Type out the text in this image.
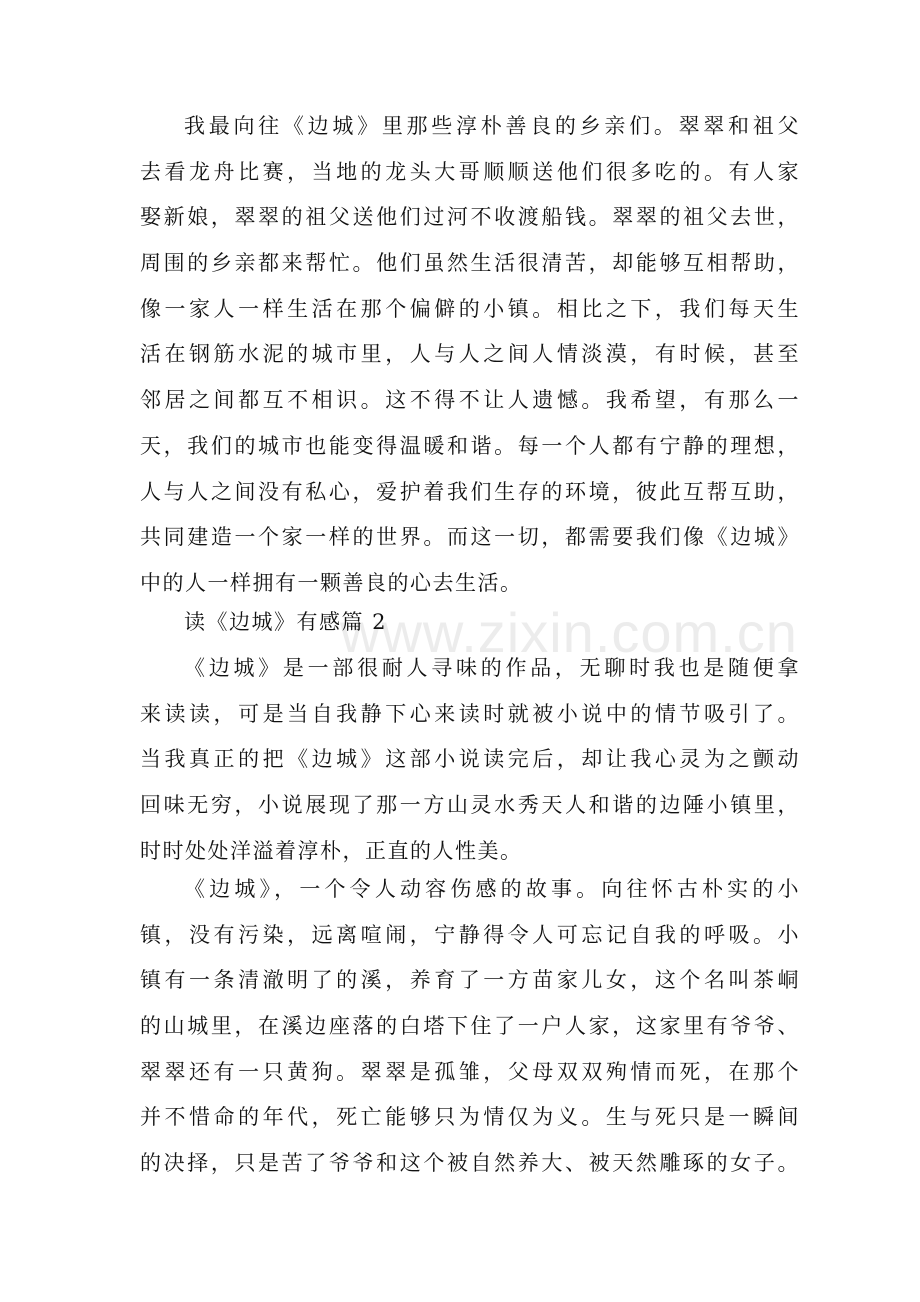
www.zixin.com.cn
我最向往《边城》里那些淳朴善良的乡亲们。翠翠和祖父
去看龙舟比赛，当地的龙头大哥顺顺送他们很多吃的。有人家
娶新娘，翠翠的祖父送他们过河不收渡船钱。翠翠的祖父去世，
周围的乡亲都来帮忙。他们虽然生活很清苦，却能够互相帮助，
像一家人一样生活在那个偏僻的小镇。相比之下，我们每天生
活在钢筋水泥的城市里，人与人之间人情淡漠，有时候，甚至
邻居之间都互不相识。这不得不让人遗憾。我希望，有那么一
天，我们的城市也能变得温暖和谐。每一个人都有宁静的理想，
人与人之间没有私心，爱护着我们生存的环境，彼此互帮互助，
共同建造一个家一样的世界。而这一切，都需要我们像《边城》
中的人一样拥有一颗善良的心去生活。
读《边城》有感篇 2
《边城》是一部很耐人寻味的作品，无聊时我也是随便拿
来读读，可是当自我静下心来读时就被小说中的情节吸引了。
当我真正的把《边城》这部小说读完后，却让我心灵为之颤动
回味无穷，小说展现了那一方山灵水秀天人和谐的边陲小镇里，
时时处处洋溢着淳朴，正直的人性美。
《边城》，一个令人动容伤感的故事。向往怀古朴实的小
镇，没有污染，远离喧闹，宁静得令人可忘记自我的呼吸。小
镇有一条清澈明了的溪，养育了一方苗家儿女，这个名叫茶峒
的山城里，在溪边座落的白塔下住了一户人家，这家里有爷爷、
翠翠还有一只黄狗。翠翠是孤雏，父母双双殉情而死，在那个
并不惜命的年代，死亡能够只为情仅为义。生与死只是一瞬间
的决择，只是苦了爷爷和这个被自然养大、被天然雕琢的女子。
